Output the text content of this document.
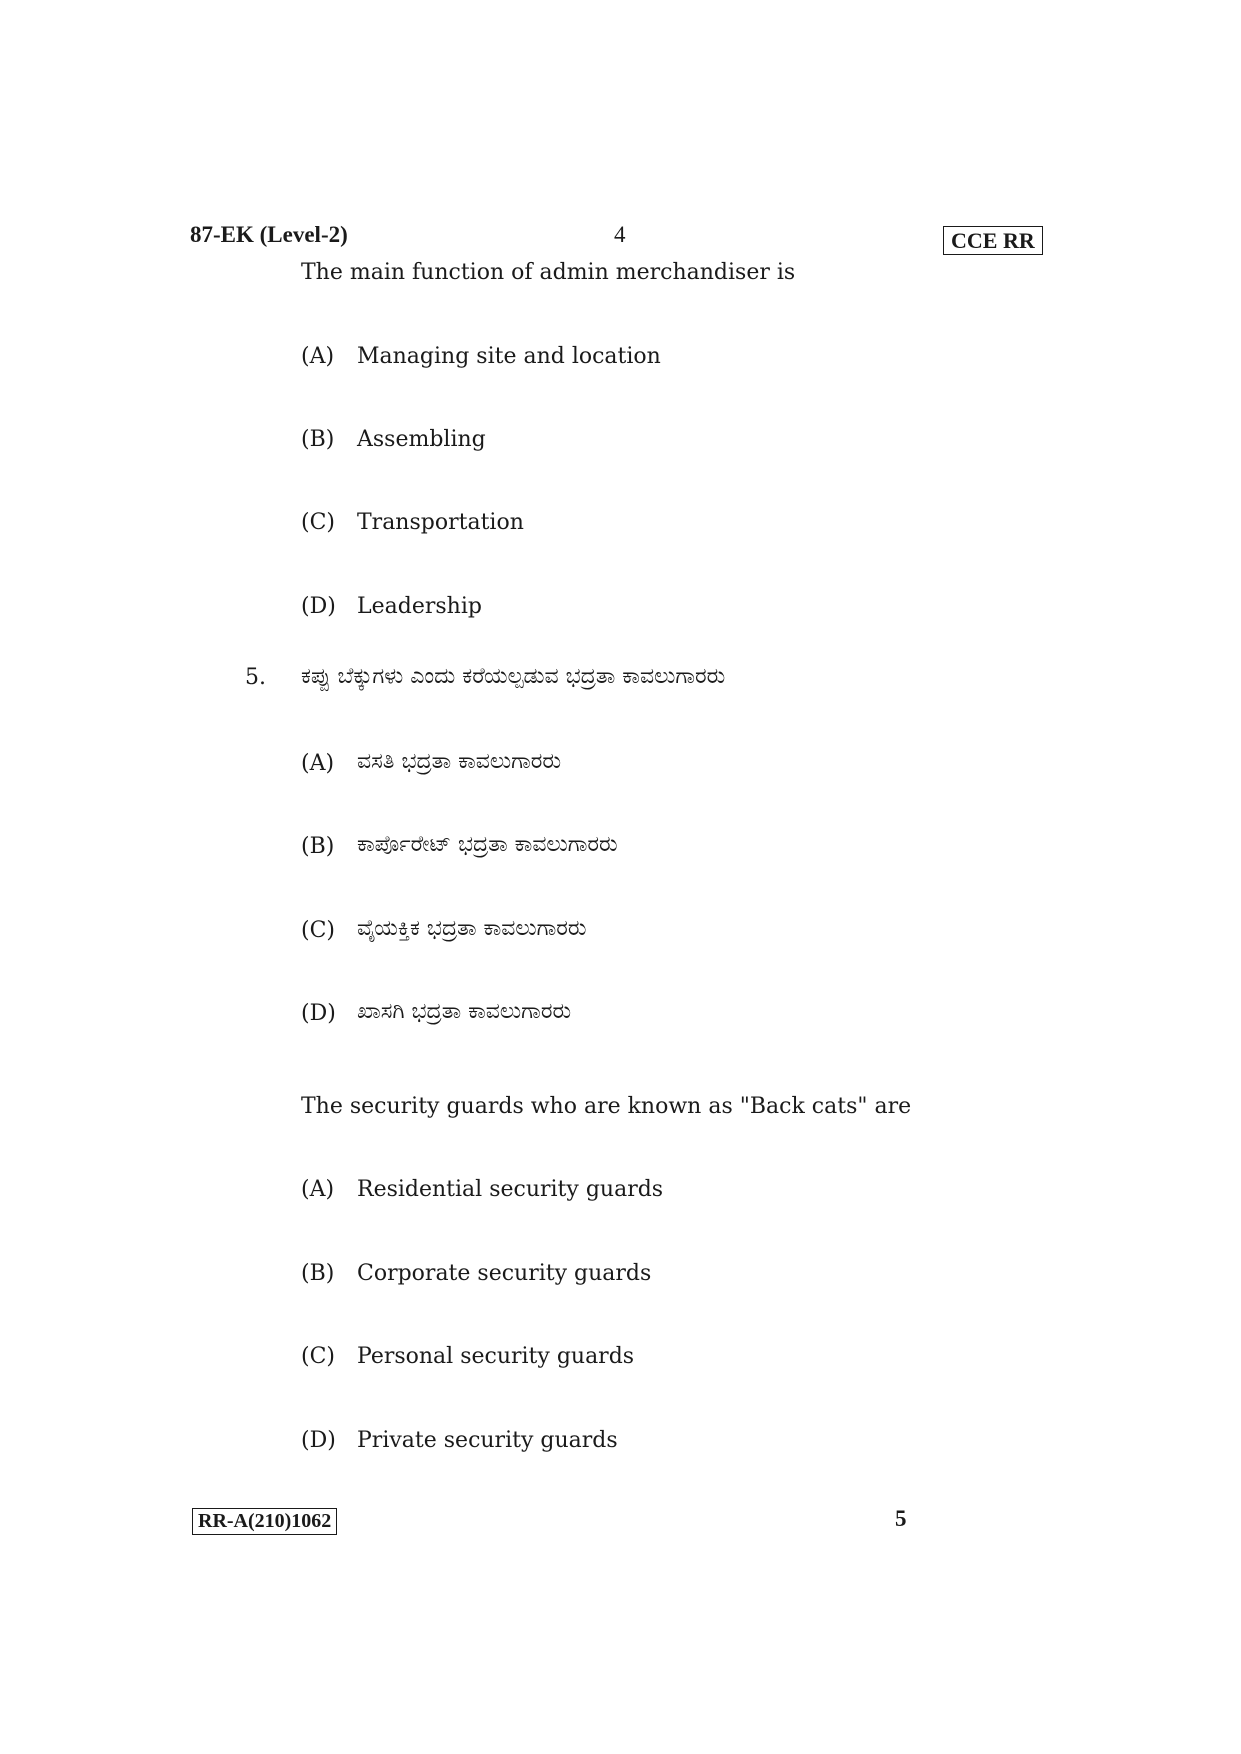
87-EK (Level-2)	4	CCE RR
The main function of admin merchandiser is
(A) Managing site and location
(B) Assembling
(C) Transportation
(D) Leadership
5. ಕಪ್ಪು ಬೆಕ್ಕುಗಳು ಎಂದು ಕರೆಯಲ್ಪಡುವ ಭದ್ರತಾ ಕಾವಲುಗಾರರು
(A) ವಸತಿ ಭದ್ರತಾ ಕಾವಲುಗಾರರು
(B) ಕಾರ್ಪೊರೇಟ್ ಭದ್ರತಾ ಕಾವಲುಗಾರರು
(C) ವೈಯಕ್ತಿಕ ಭದ್ರತಾ ಕಾವಲುಗಾರರು
(D) ಖಾಸಗಿ ಭದ್ರತಾ ಕಾವಲುಗಾರರು
The security guards who are known as "Back cats" are
(A) Residential security guards
(B) Corporate security guards
(C) Personal security guards
(D) Private security guards
RR-A(210)1062	5
